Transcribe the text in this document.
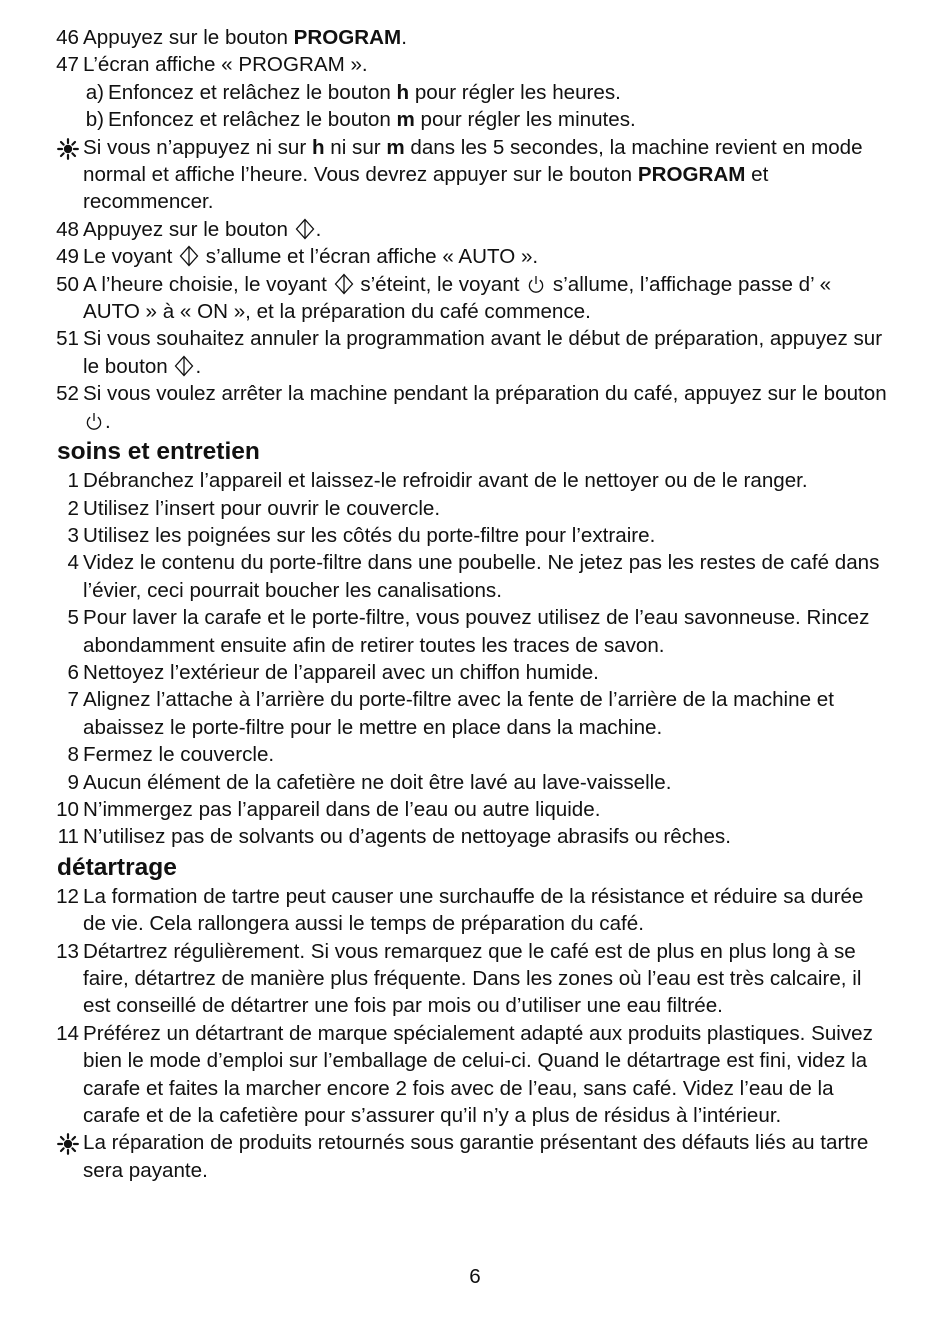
46 Appuyez sur le bouton PROGRAM.
47 L’écran affiche « PROGRAM ».
a) Enfoncez et relâchez le bouton h pour régler les heures.
b) Enfoncez et relâchez le bouton m pour régler les minutes.
Si vous n’appuyez ni sur h ni sur m dans les 5 secondes, la machine revient en mode normal et affiche l’heure. Vous devrez appuyer sur le bouton PROGRAM et recommencer.
48 Appuyez sur le bouton .
49 Le voyant s’allume et l’écran affiche « AUTO ».
50 A l’heure choisie, le voyant s’éteint, le voyant s’allume, l’affichage passe d’ « AUTO » à « ON », et la préparation du café commence.
51 Si vous souhaitez annuler la programmation avant le début de préparation, appuyez sur le bouton .
52 Si vous voulez arrêter la machine pendant la préparation du café, appuyez sur le bouton .
soins et entretien
1 Débranchez l’appareil et laissez-le refroidir avant de le nettoyer ou de le ranger.
2 Utilisez l’insert pour ouvrir le couvercle.
3 Utilisez les poignées sur les côtés du porte-filtre pour l’extraire.
4 Videz le contenu du porte-filtre dans une poubelle. Ne jetez pas les restes de café dans l’évier, ceci pourrait boucher les canalisations.
5 Pour laver la carafe et le porte-filtre, vous pouvez utilisez de l’eau savonneuse. Rincez abondamment ensuite afin de retirer toutes les traces de savon.
6 Nettoyez l’extérieur de l’appareil avec un chiffon humide.
7 Alignez l’attache à l’arrière du porte-filtre avec la fente de l’arrière de la machine et abaissez le porte-filtre pour le mettre en place dans la machine.
8 Fermez le couvercle.
9 Aucun élément de la cafetière ne doit être lavé au lave-vaisselle.
10 N’immergez pas l’appareil dans de l’eau ou autre liquide.
11 N’utilisez pas de solvants ou d’agents de nettoyage abrasifs ou rêches.
détartrage
12 La formation de tartre peut causer une surchauffe de la résistance et réduire sa durée de vie. Cela rallongera aussi le temps de préparation du café.
13 Détartrez régulièrement. Si vous remarquez que le café est de plus en plus long à se faire, détartrez de manière plus fréquente. Dans les zones où l’eau est très calcaire, il est conseillé de détartrer une fois par mois ou d’utiliser une eau filtrée.
14 Préférez un détartrant de marque spécialement adapté aux produits plastiques. Suivez bien le mode d’emploi sur l’emballage de celui-ci. Quand le détartrage est fini, videz la carafe et faites la marcher encore 2 fois avec de l’eau, sans café. Videz l’eau de la carafe et de la cafetière pour s’assurer qu’il n’y a plus de résidus à l’intérieur.
La réparation de produits retournés sous garantie présentant des défauts liés au tartre sera payante.
6
